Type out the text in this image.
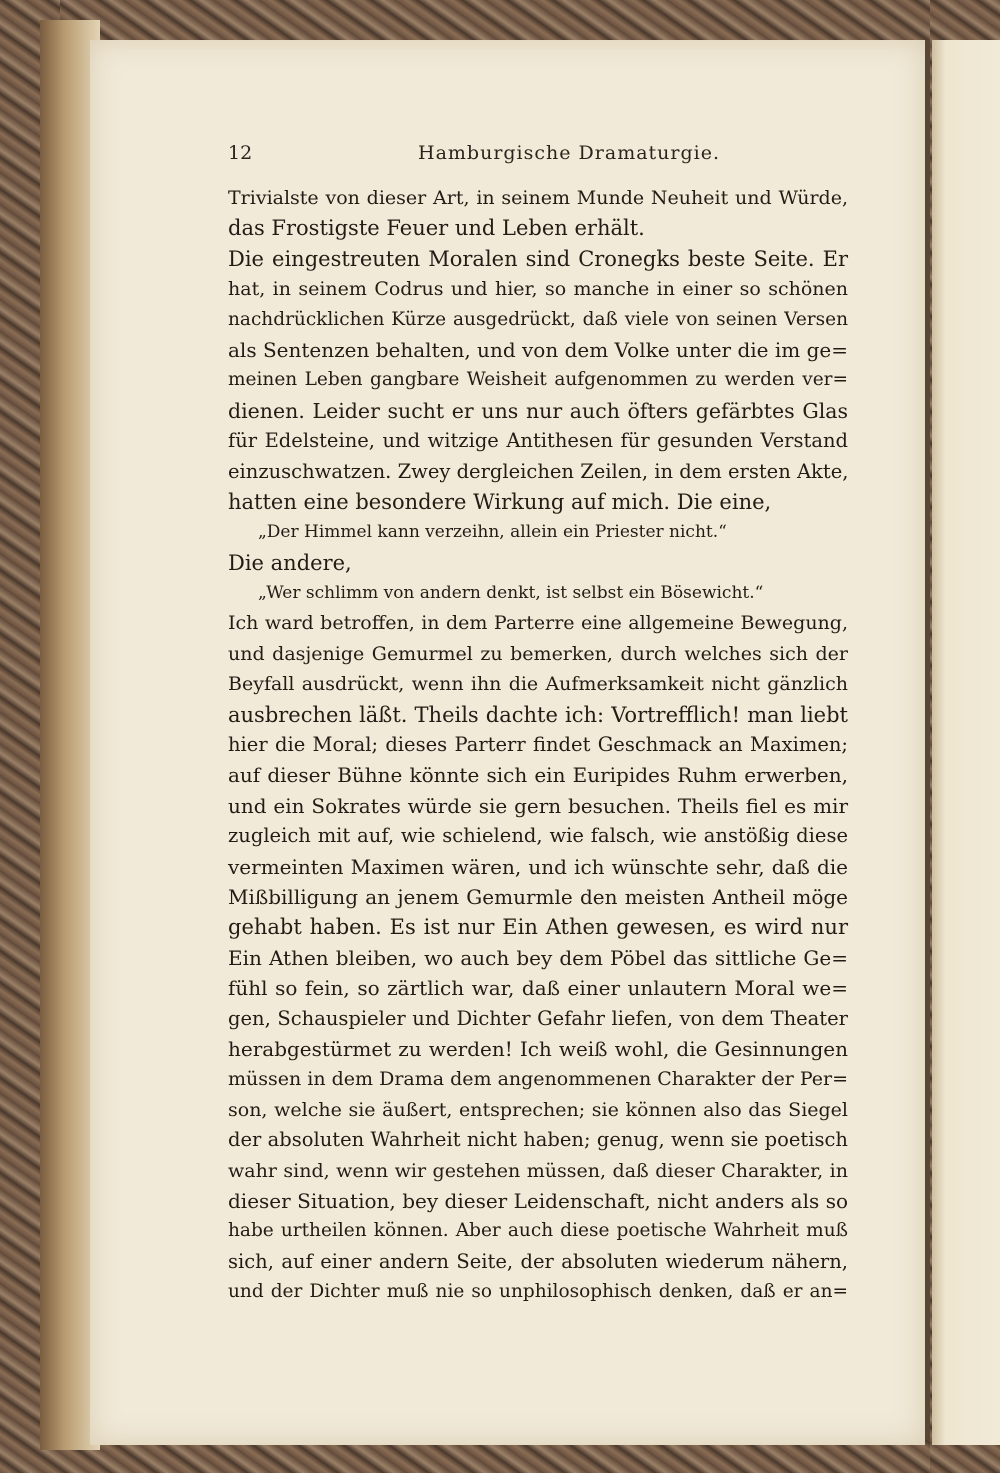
12	Hamburgische Dramaturgie.
Trivialste von dieser Art, in seinem Munde Neuheit und Würde,
das Frostigste Feuer und Leben erhält.
Die eingestreuten Moralen sind Cronegks beste Seite. Er
hat, in seinem Codrus und hier, so manche in einer so schönen
nachdrücklichen Kürze ausgedrückt, daß viele von seinen Versen
als Sentenzen behalten, und von dem Volke unter die im ge=
meinen Leben gangbare Weisheit aufgenommen zu werden ver=
dienen. Leider sucht er uns nur auch öfters gefärbtes Glas
für Edelsteine, und witzige Antithesen für gesunden Verstand
einzuschwatzen. Zwey dergleichen Zeilen, in dem ersten Akte,
hatten eine besondere Wirkung auf mich. Die eine,
„Der Himmel kann verzeihn, allein ein Priester nicht.“
Die andere,
„Wer schlimm von andern denkt, ist selbst ein Bösewicht.“
Ich ward betroffen, in dem Parterre eine allgemeine Bewegung,
und dasjenige Gemurmel zu bemerken, durch welches sich der
Beyfall ausdrückt, wenn ihn die Aufmerksamkeit nicht gänzlich
ausbrechen läßt. Theils dachte ich: Vortrefflich! man liebt
hier die Moral; dieses Parterr findet Geschmack an Maximen;
auf dieser Bühne könnte sich ein Euripides Ruhm erwerben,
und ein Sokrates würde sie gern besuchen. Theils fiel es mir
zugleich mit auf, wie schielend, wie falsch, wie anstößig diese
vermeinten Maximen wären, und ich wünschte sehr, daß die
Mißbilligung an jenem Gemurmle den meisten Antheil möge
gehabt haben. Es ist nur Ein Athen gewesen, es wird nur
Ein Athen bleiben, wo auch bey dem Pöbel das sittliche Ge=
fühl so fein, so zärtlich war, daß einer unlautern Moral we=
gen, Schauspieler und Dichter Gefahr liefen, von dem Theater
herabgestürmet zu werden! Ich weiß wohl, die Gesinnungen
müssen in dem Drama dem angenommenen Charakter der Per=
son, welche sie äußert, entsprechen; sie können also das Siegel
der absoluten Wahrheit nicht haben; genug, wenn sie poetisch
wahr sind, wenn wir gestehen müssen, daß dieser Charakter, in
dieser Situation, bey dieser Leidenschaft, nicht anders als so
habe urtheilen können. Aber auch diese poetische Wahrheit muß
sich, auf einer andern Seite, der absoluten wiederum nähern,
und der Dichter muß nie so unphilosophisch denken, daß er an=
